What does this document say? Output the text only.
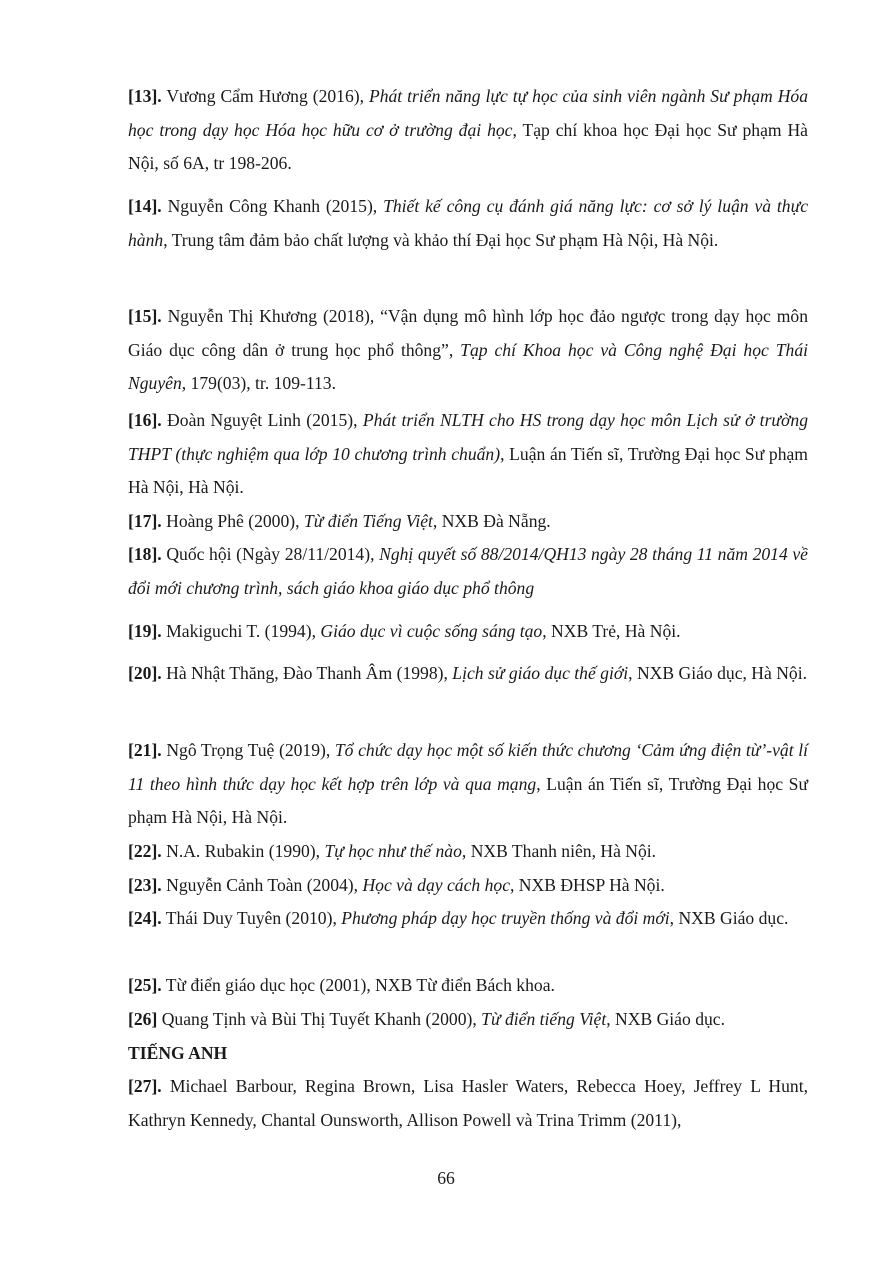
[13]. Vương Cẩm Hương (2016), Phát triển năng lực tự học của sinh viên ngành Sư phạm Hóa học trong dạy học Hóa học hữu cơ ở trường đại học, Tạp chí khoa học Đại học Sư phạm Hà Nội, số 6A, tr 198-206.

[14]. Nguyễn Công Khanh (2015), Thiết kế công cụ đánh giá năng lực: cơ sở lý luận và thực hành, Trung tâm đảm bảo chất lượng và khảo thí Đại học Sư phạm Hà Nội, Hà Nội.

[15]. Nguyễn Thị Khương (2018), “Vận dụng mô hình lớp học đảo ngược trong dạy học môn Giáo dục công dân ở trung học phổ thông”, Tạp chí Khoa học và Công nghệ Đại học Thái Nguyên, 179(03), tr. 109-113.

[16]. Đoàn Nguyệt Linh (2015), Phát triển NLTH cho HS trong dạy học môn Lịch sử ở trường THPT (thực nghiệm qua lớp 10 chương trình chuẩn), Luận án Tiến sĩ, Trường Đại học Sư phạm Hà Nội, Hà Nội.

[17]. Hoàng Phê (2000), Từ điển Tiếng Việt, NXB Đà Nẵng.

[18]. Quốc hội (Ngày 28/11/2014), Nghị quyết số 88/2014/QH13 ngày 28 tháng 11 năm 2014 về đổi mới chương trình, sách giáo khoa giáo dục phổ thông

[19]. Makiguchi T. (1994), Giáo dục vì cuộc sống sáng tạo, NXB Trẻ, Hà Nội.

[20]. Hà Nhật Thăng, Đào Thanh Âm (1998), Lịch sử giáo dục thế giới, NXB Giáo dục, Hà Nội.

[21]. Ngô Trọng Tuệ (2019), Tổ chức dạy học một số kiến thức chương ‘Cảm ứng điện từ’-vật lí 11 theo hình thức dạy học kết hợp trên lớp và qua mạng, Luận án Tiến sĩ, Trường Đại học Sư phạm Hà Nội, Hà Nội.

[22]. N.A. Rubakin (1990), Tự học như thế nào, NXB Thanh niên, Hà Nội.

[23]. Nguyễn Cảnh Toàn (2004), Học và dạy cách học, NXB ĐHSP Hà Nội.

[24]. Thái Duy Tuyên (2010), Phương pháp dạy học truyền thống và đổi mới, NXB Giáo dục.

[25]. Từ điển giáo dục học (2001), NXB Từ điển Bách khoa.

[26] Quang Tịnh và Bùi Thị Tuyết Khanh (2000), Từ điển tiếng Việt, NXB Giáo dục.

TIẾNG ANH

[27]. Michael Barbour, Regina Brown, Lisa Hasler Waters, Rebecca Hoey, Jeffrey L Hunt, Kathryn Kennedy, Chantal Ounsworth, Allison Powell và Trina Trimm (2011),

66
